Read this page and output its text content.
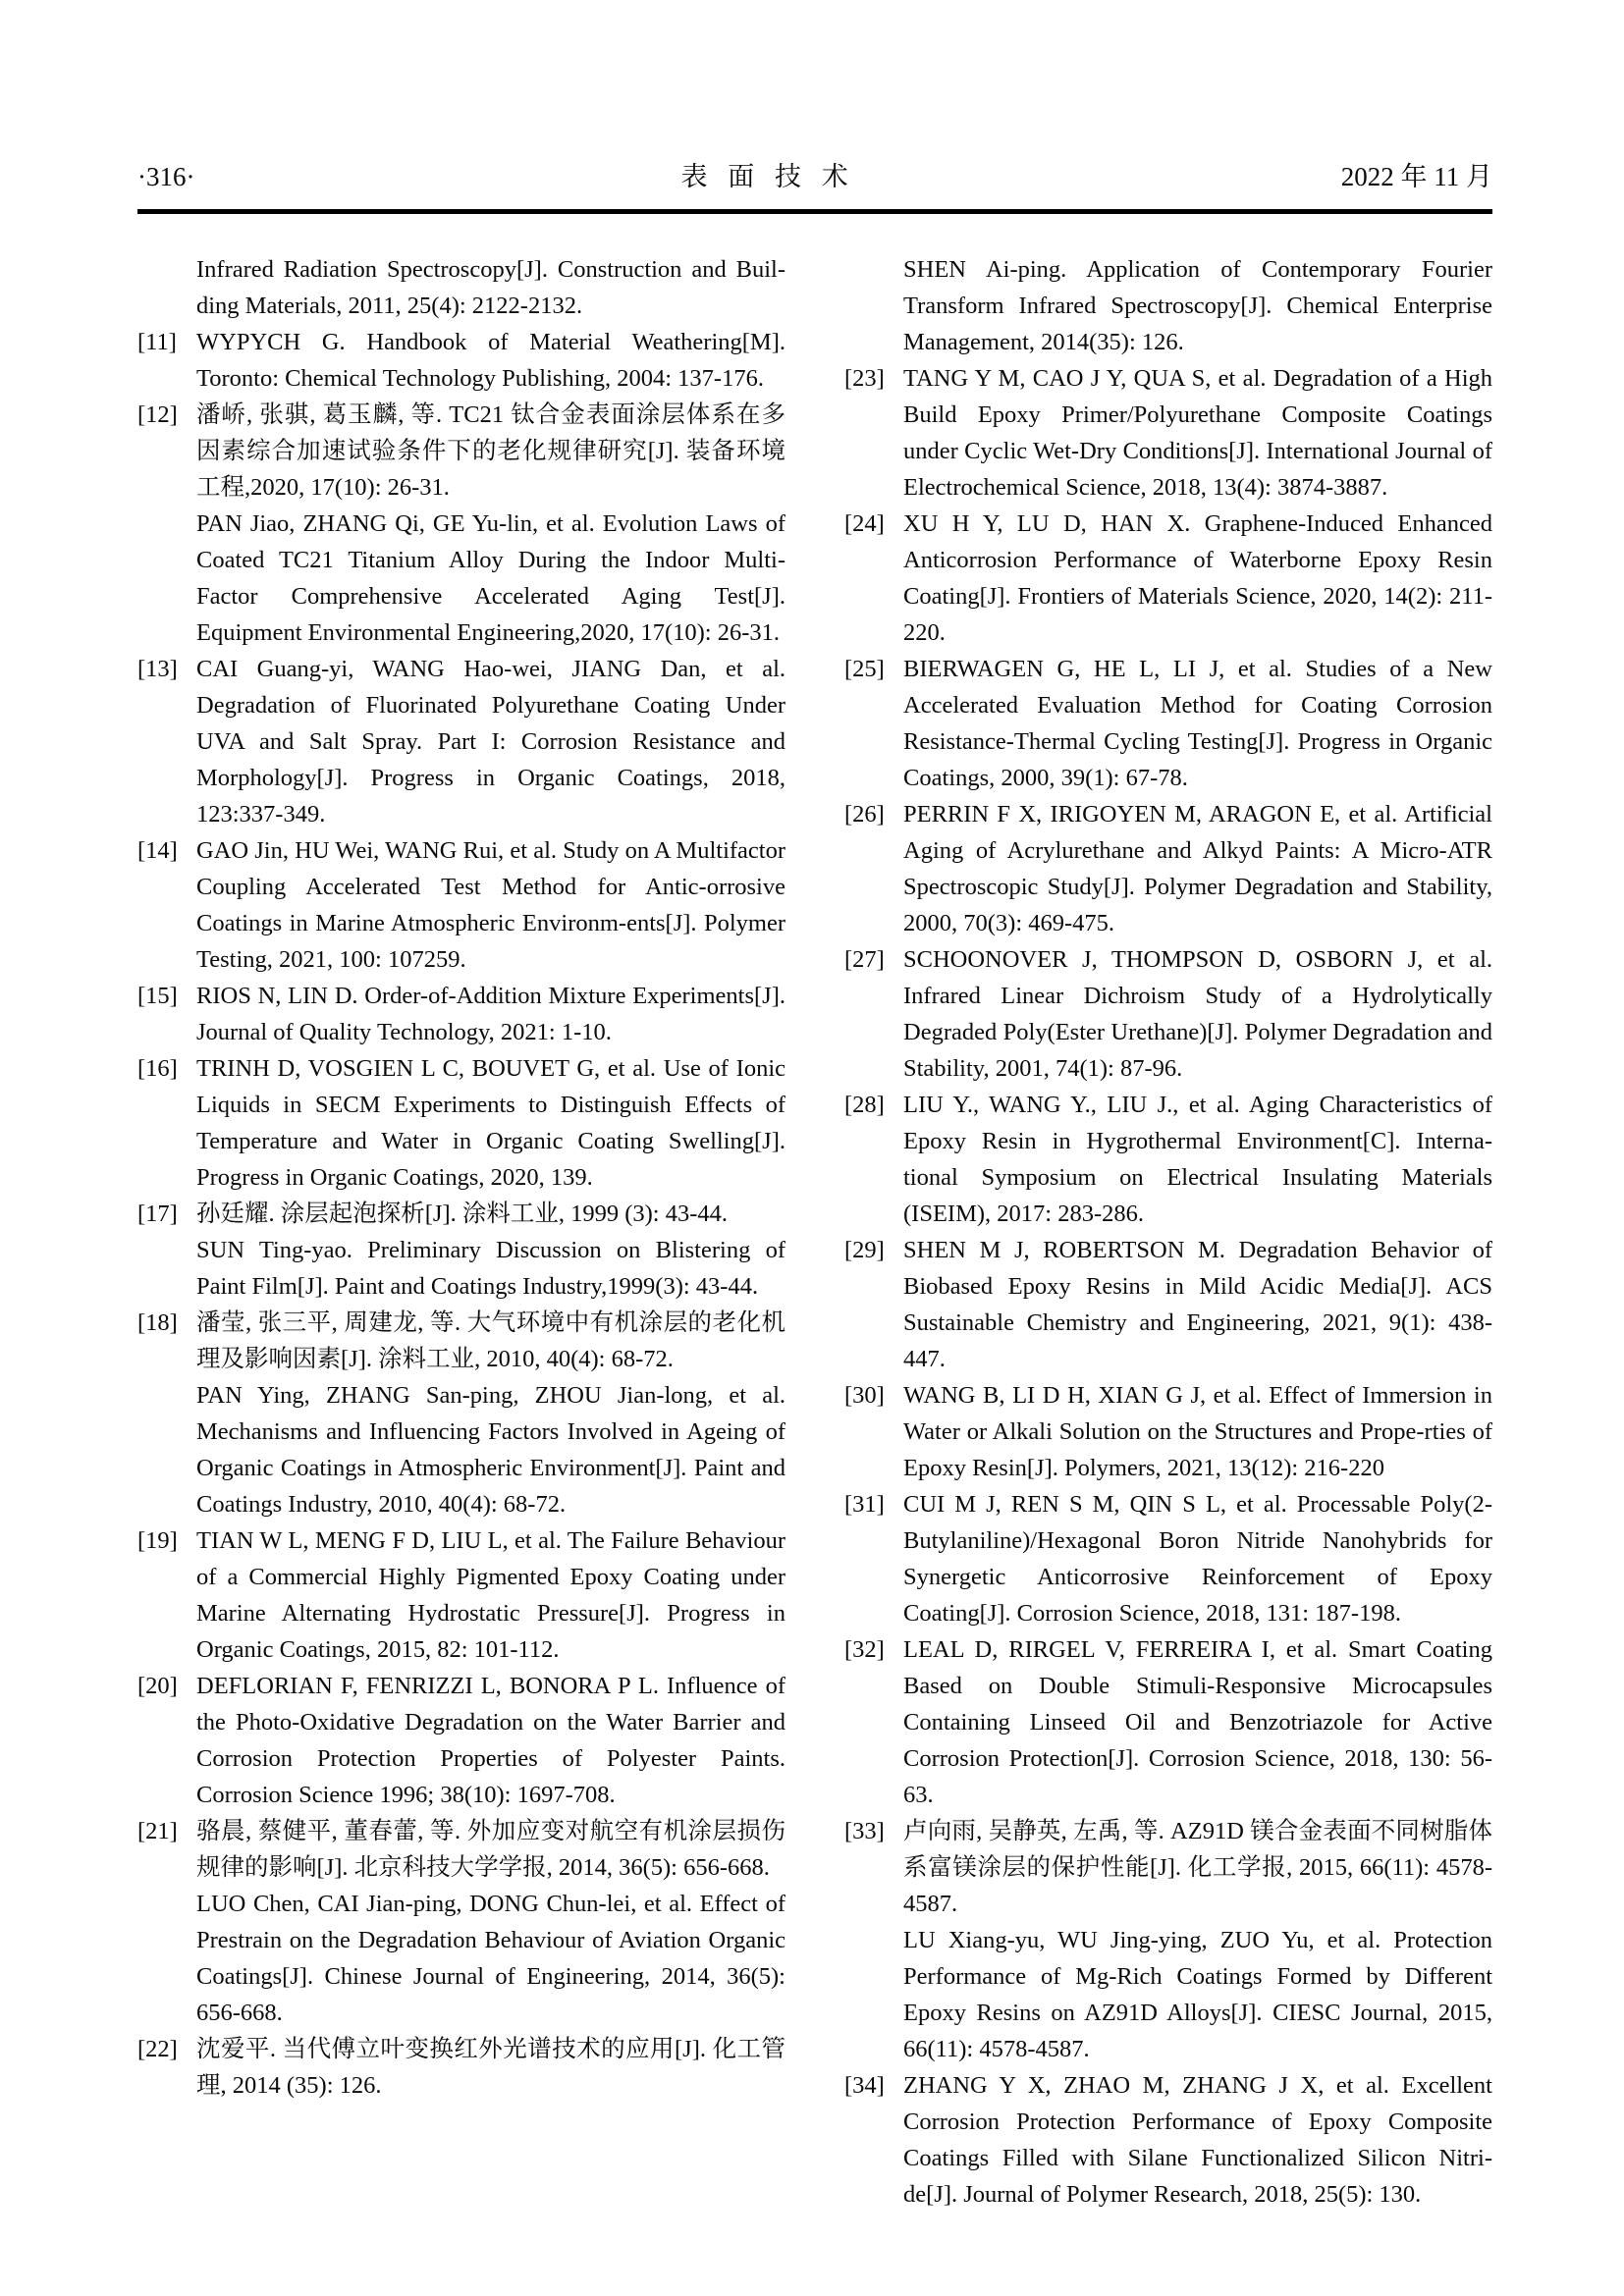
·316·	表 面 技 术	2022 年 11 月

Infrared Radiation Spectroscopy[J]. Construction and Buil-ding Materials, 2011, 25(4): 2122-2132.

[11] WYPYCH G. Handbook of Material Weathering[M]. Toronto: Chemical Technology Publishing, 2004: 137-176.

[12] 潘峤, 张骐, 葛玉麟, 等. TC21 钛合金表面涂层体系在多因素综合加速试验条件下的老化规律研究[J]. 装备环境工程,2020, 17(10): 26-31.

PAN Jiao, ZHANG Qi, GE Yu-lin, et al. Evolution Laws of Coated TC21 Titanium Alloy During the Indoor Multi-Factor Comprehensive Accelerated Aging Test[J]. Equipment Environmental Engineering,2020, 17(10): 26-31.

[13] CAI Guang-yi, WANG Hao-wei, JIANG Dan, et al. Degradation of Fluorinated Polyurethane Coating Under UVA and Salt Spray. Part I: Corrosion Resistance and Morphology[J]. Progress in Organic Coatings, 2018, 123:337-349.

[14] GAO Jin, HU Wei, WANG Rui, et al. Study on A Multifactor Coupling Accelerated Test Method for Antic-orrosive Coatings in Marine Atmospheric Environm-ents[J]. Polymer Testing, 2021, 100: 107259.

[15] RIOS N, LIN D. Order-of-Addition Mixture Experiments[J]. Journal of Quality Technology, 2021: 1-10.

[16] TRINH D, VOSGIEN L C, BOUVET G, et al. Use of Ionic Liquids in SECM Experiments to Distinguish Effects of Temperature and Water in Organic Coating Swelling[J]. Progress in Organic Coatings, 2020, 139.

[17] 孙廷耀. 涂层起泡探析[J]. 涂料工业, 1999 (3): 43-44.

SUN Ting-yao. Preliminary Discussion on Blistering of Paint Film[J]. Paint and Coatings Industry,1999(3): 43-44.

[18] 潘莹, 张三平, 周建龙, 等. 大气环境中有机涂层的老化机理及影响因素[J]. 涂料工业, 2010, 40(4): 68-72.

PAN Ying, ZHANG San-ping, ZHOU Jian-long, et al. Mechanisms and Influencing Factors Involved in Ageing of Organic Coatings in Atmospheric Environment[J]. Paint and Coatings Industry, 2010, 40(4): 68-72.

[19] TIAN W L, MENG F D, LIU L, et al. The Failure Behaviour of a Commercial Highly Pigmented Epoxy Coating under Marine Alternating Hydrostatic Pressure[J]. Progress in Organic Coatings, 2015, 82: 101-112.

[20] DEFLORIAN F, FENRIZZI L, BONORA P L. Influence of the Photo-Oxidative Degradation on the Water Barrier and Corrosion Protection Properties of Polyester Paints. Corrosion Science 1996; 38(10): 1697-708.

[21] 骆晨, 蔡健平, 董春蕾, 等. 外加应变对航空有机涂层损伤规律的影响[J]. 北京科技大学学报, 2014, 36(5): 656-668.

LUO Chen, CAI Jian-ping, DONG Chun-lei, et al. Effect of Prestrain on the Degradation Behaviour of Aviation Organic Coatings[J]. Chinese Journal of Engineering, 2014, 36(5): 656-668.

[22] 沈爱平. 当代傅立叶变换红外光谱技术的应用[J]. 化工管理, 2014 (35): 126.

SHEN Ai-ping. Application of Contemporary Fourier Transform Infrared Spectroscopy[J]. Chemical Enterprise Management, 2014(35): 126.

[23] TANG Y M, CAO J Y, QUA S, et al. Degradation of a High Build Epoxy Primer/Polyurethane Composite Coatings under Cyclic Wet-Dry Conditions[J]. International Journal of Electrochemical Science, 2018, 13(4): 3874-3887.

[24] XU H Y, LU D, HAN X. Graphene-Induced Enhanced Anticorrosion Performance of Waterborne Epoxy Resin Coating[J]. Frontiers of Materials Science, 2020, 14(2): 211-220.

[25] BIERWAGEN G, HE L, LI J, et al. Studies of a New Accelerated Evaluation Method for Coating Corrosion Resistance-Thermal Cycling Testing[J]. Progress in Organic Coatings, 2000, 39(1): 67-78.

[26] PERRIN F X, IRIGOYEN M, ARAGON E, et al. Artificial Aging of Acrylurethane and Alkyd Paints: A Micro-ATR Spectroscopic Study[J]. Polymer Degradation and Stability, 2000, 70(3): 469-475.

[27] SCHOONOVER J, THOMPSON D, OSBORN J, et al. Infrared Linear Dichroism Study of a Hydrolytically Degraded Poly(Ester Urethane)[J]. Polymer Degradation and Stability, 2001, 74(1): 87-96.

[28] LIU Y., WANG Y., LIU J., et al. Aging Characteristics of Epoxy Resin in Hygrothermal Environment[C]. Interna-tional Symposium on Electrical Insulating Materials (ISEIM), 2017: 283-286.

[29] SHEN M J, ROBERTSON M. Degradation Behavior of Biobased Epoxy Resins in Mild Acidic Media[J]. ACS Sustainable Chemistry and Engineering, 2021, 9(1): 438-447.

[30] WANG B, LI D H, XIAN G J, et al. Effect of Immersion in Water or Alkali Solution on the Structures and Prope-rties of Epoxy Resin[J]. Polymers, 2021, 13(12): 216-220

[31] CUI M J, REN S M, QIN S L, et al. Processable Poly(2-Butylaniline)/Hexagonal Boron Nitride Nanohybrids for Synergetic Anticorrosive Reinforcement of Epoxy Coating[J]. Corrosion Science, 2018, 131: 187-198.

[32] LEAL D, RIRGEL V, FERREIRA I, et al. Smart Coating Based on Double Stimuli-Responsive Microcapsules Containing Linseed Oil and Benzotriazole for Active Corrosion Protection[J]. Corrosion Science, 2018, 130: 56-63.

[33] 卢向雨, 吴静英, 左禹, 等. AZ91D 镁合金表面不同树脂体系富镁涂层的保护性能[J]. 化工学报, 2015, 66(11): 4578-4587.

LU Xiang-yu, WU Jing-ying, ZUO Yu, et al. Protection Performance of Mg-Rich Coatings Formed by Different Epoxy Resins on AZ91D Alloys[J]. CIESC Journal, 2015, 66(11): 4578-4587.

[34] ZHANG Y X, ZHAO M, ZHANG J X, et al. Excellent Corrosion Protection Performance of Epoxy Composite Coatings Filled with Silane Functionalized Silicon Nitri-de[J]. Journal of Polymer Research, 2018, 25(5): 130.
